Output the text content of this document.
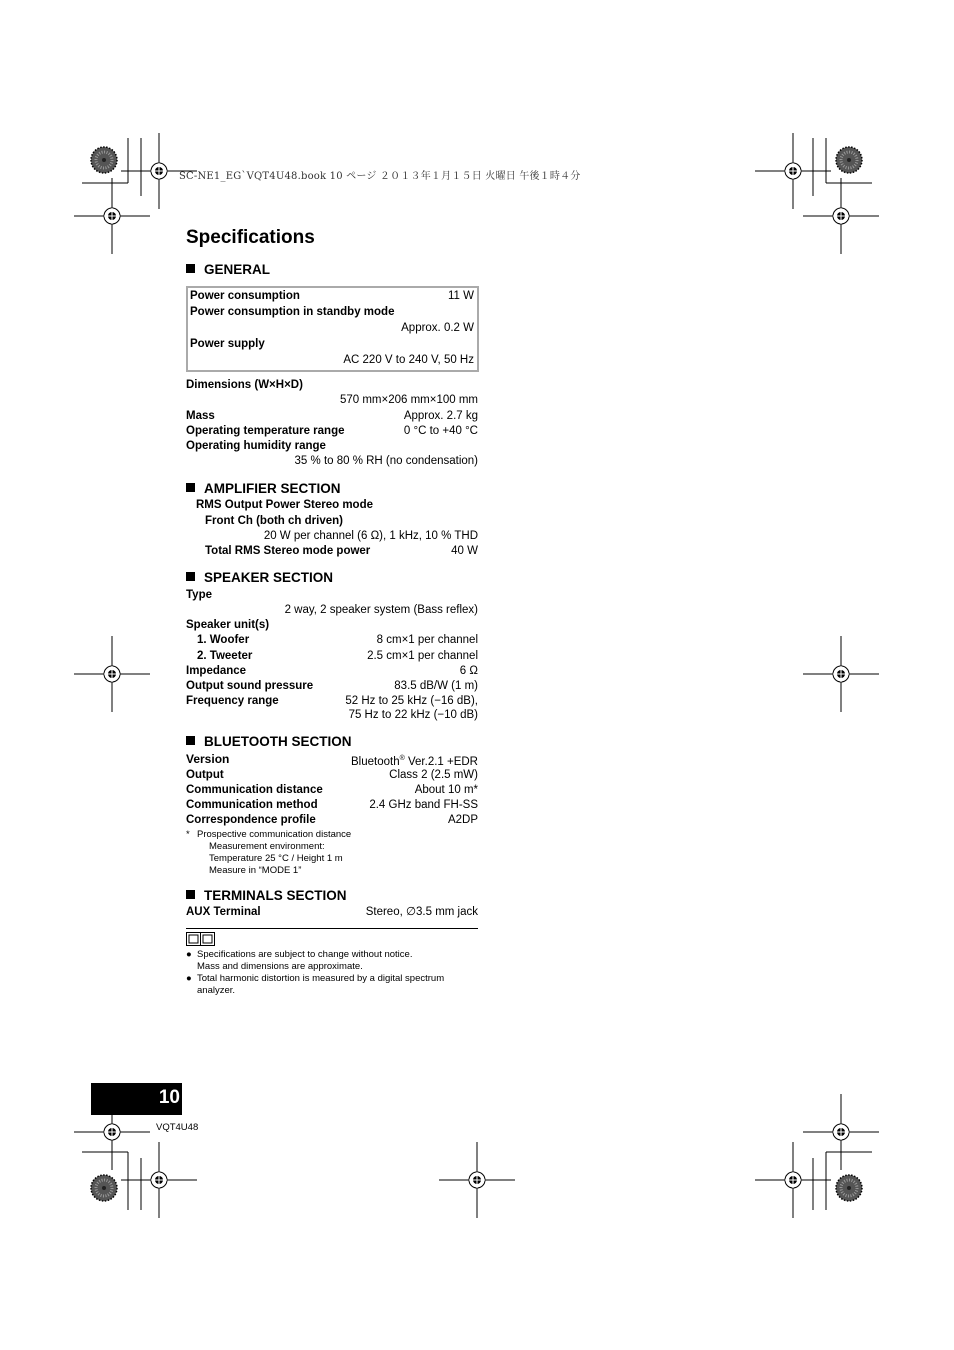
SC-NE1_EG`VQT4U48.book 10 ページ ２０１３年１月１５日 火曜日 午後１時４分
Specifications
GENERAL
Power consumption	11 W
Power consumption in standby mode
Approx. 0.2 W
Power supply
AC 220 V to 240 V, 50 Hz
Dimensions (W×H×D)
570 mm×206 mm×100 mm
Mass	Approx. 2.7 kg
Operating temperature range	0 °C to +40 °C
Operating humidity range
35 % to 80 % RH (no condensation)
AMPLIFIER SECTION
RMS Output Power Stereo mode
Front Ch (both ch driven)
20 W per channel (6 Ω), 1 kHz, 10 % THD
Total RMS Stereo mode power	40 W
SPEAKER SECTION
Type
2 way, 2 speaker system (Bass reflex)
Speaker unit(s)
1. Woofer	8 cm×1 per channel
2. Tweeter	2.5 cm×1 per channel
Impedance	6 Ω
Output sound pressure	83.5 dB/W (1 m)
Frequency range	52 Hz to 25 kHz (−16 dB),
75 Hz to 22 kHz (−10 dB)
BLUETOOTH SECTION
Version	Bluetooth® Ver.2.1 +EDR
Output	Class 2 (2.5 mW)
Communication distance	About 10 m*
Communication method	2.4 GHz band FH-SS
Correspondence profile	A2DP
* Prospective communication distance
Measurement environment:
Temperature 25 °C / Height 1 m
Measure in “MODE 1”
TERMINALS SECTION
AUX Terminal	Stereo, ∅3.5 mm jack
● Specifications are subject to change without notice.
Mass and dimensions are approximate.
● Total harmonic distortion is measured by a digital spectrum
analyzer.
10
VQT4U48
